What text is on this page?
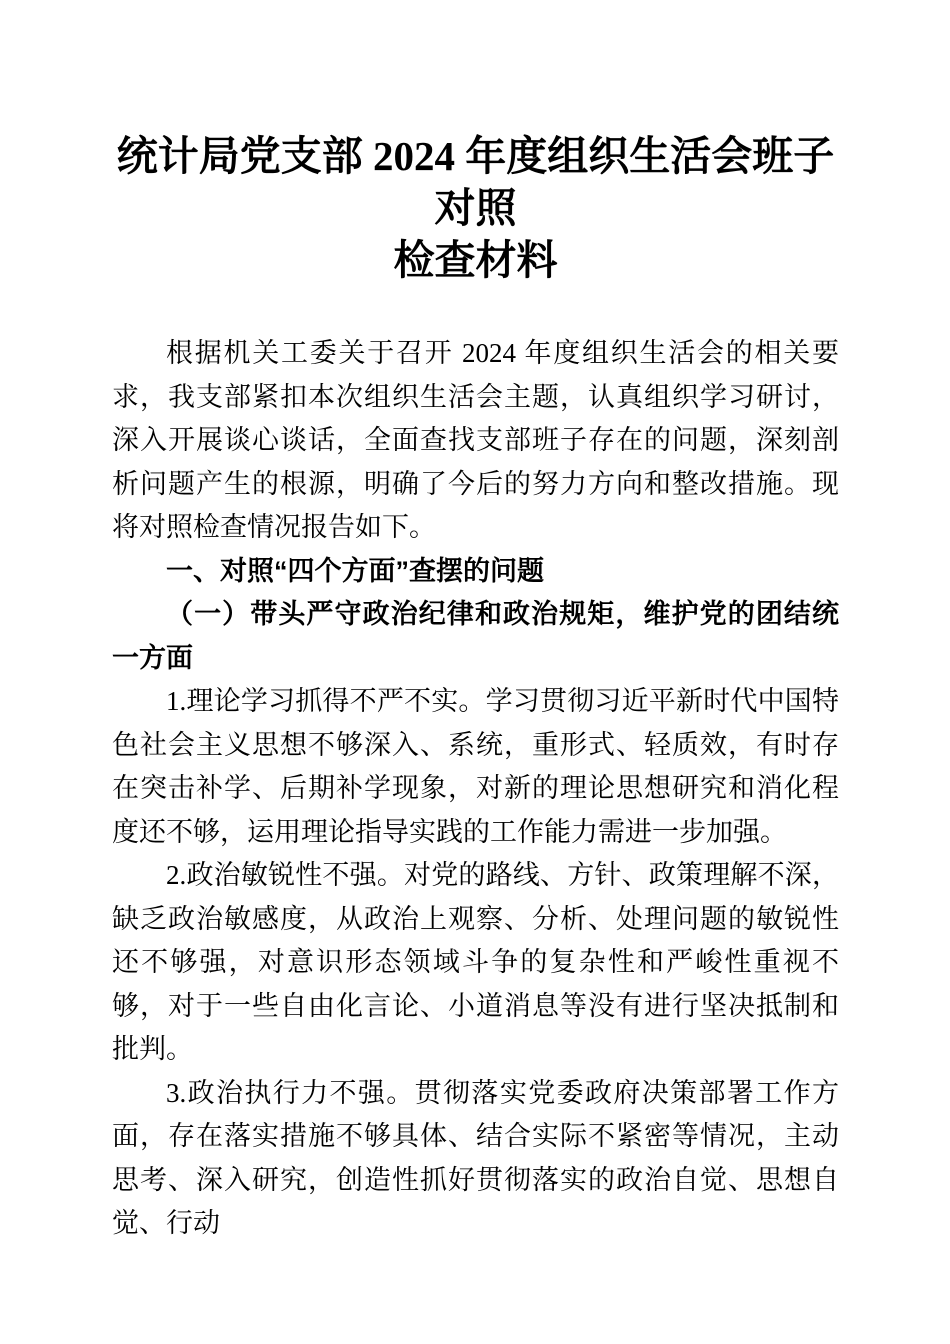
统计局党支部 2024 年度组织生活会班子对照
检查材料

根据机关工委关于召开 2024 年度组织生活会的相关要求，我支部紧扣本次组织生活会主题，认真组织学习研讨，深入开展谈心谈话，全面查找支部班子存在的问题，深刻剖析问题产生的根源，明确了今后的努力方向和整改措施。现将对照检查情况报告如下。

一、对照“四个方面”查摆的问题

（一）带头严守政治纪律和政治规矩，维护党的团结统一方面

1.理论学习抓得不严不实。学习贯彻习近平新时代中国特色社会主义思想不够深入、系统，重形式、轻质效，有时存在突击补学、后期补学现象，对新的理论思想研究和消化程度还不够，运用理论指导实践的工作能力需进一步加强。

2.政治敏锐性不强。对党的路线、方针、政策理解不深，缺乏政治敏感度，从政治上观察、分析、处理问题的敏锐性还不够强，对意识形态领域斗争的复杂性和严峻性重视不够，对于一些自由化言论、小道消息等没有进行坚决抵制和批判。

3.政治执行力不强。贯彻落实党委政府决策部署工作方面，存在落实措施不够具体、结合实际不紧密等情况，主动思考、深入研究，创造性抓好贯彻落实的政治自觉、思想自觉、行动
